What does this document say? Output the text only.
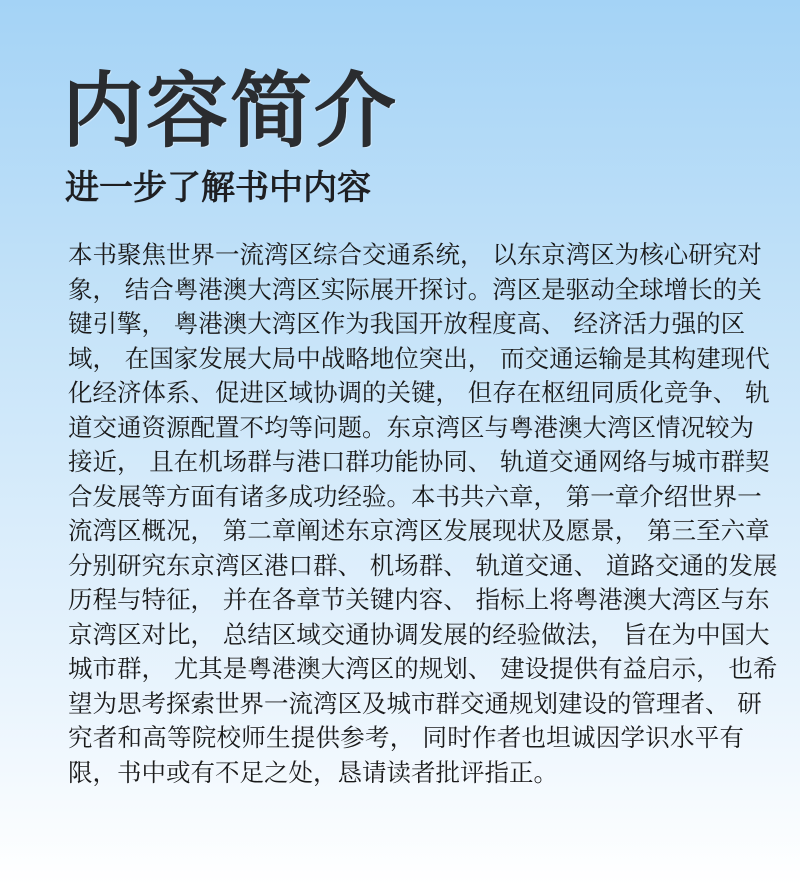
内容简介
进一步了解书中内容
本书聚焦世界一流湾区综合交通系统， 以东京湾区为核心研究对
象， 结合粤港澳大湾区实际展开探讨。湾区是驱动全球增长的关
键引擎， 粤港澳大湾区作为我国开放程度高、 经济活力强的区
域， 在国家发展大局中战略地位突出， 而交通运输是其构建现代
化经济体系、促进区域协调的关键， 但存在枢纽同质化竞争、 轨
道交通资源配置不均等问题。东京湾区与粤港澳大湾区情况较为
接近， 且在机场群与港口群功能协同、 轨道交通网络与城市群契
合发展等方面有诸多成功经验。本书共六章， 第一章介绍世界一
流湾区概况， 第二章阐述东京湾区发展现状及愿景， 第三至六章
分别研究东京湾区港口群、 机场群、 轨道交通、 道路交通的发展
历程与特征， 并在各章节关键内容、 指标上将粤港澳大湾区与东
京湾区对比， 总结区域交通协调发展的经验做法， 旨在为中国大
城市群， 尤其是粤港澳大湾区的规划、 建设提供有益启示， 也希
望为思考探索世界一流湾区及城市群交通规划建设的管理者、 研
究者和高等院校师生提供参考， 同时作者也坦诚因学识水平有
限，书中或有不足之处，恳请读者批评指正。
